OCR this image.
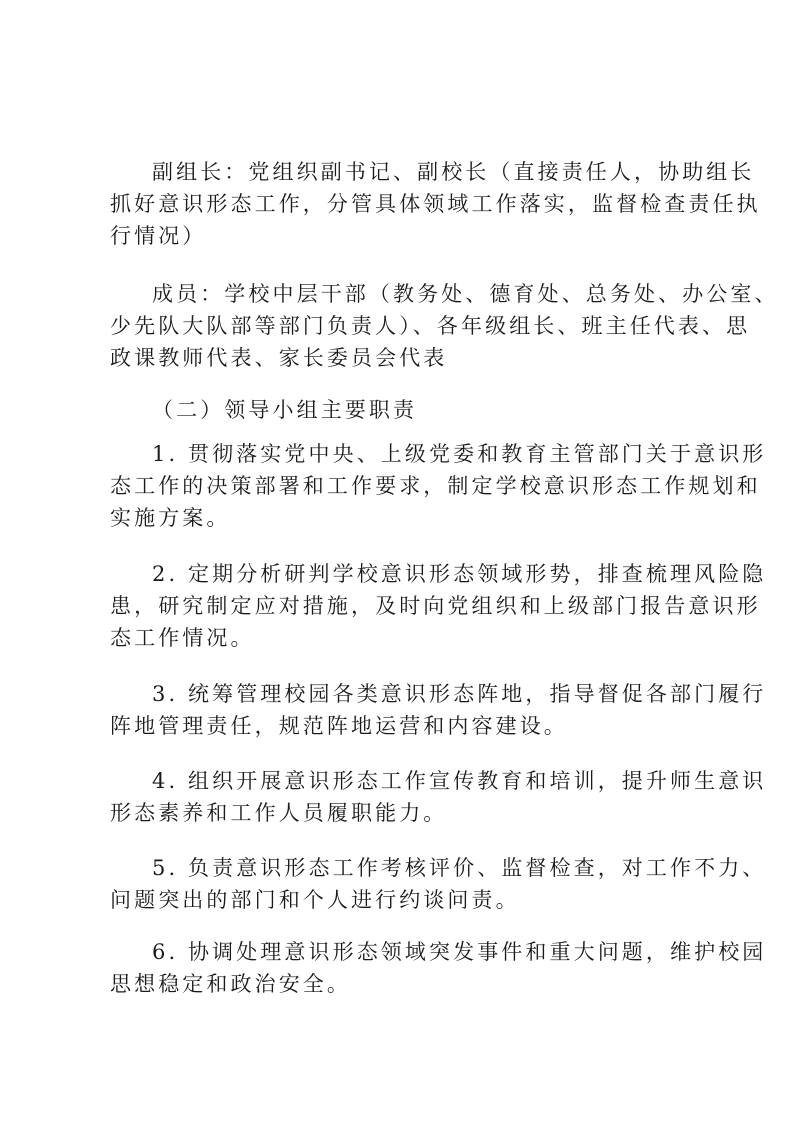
副组长：党组织副书记、副校长（直接责任人，协助组长
抓好意识形态工作，分管具体领域工作落实，监督检查责任执
行情况）
成员：学校中层干部（教务处、德育处、总务处、办公室、
少先队大队部等部门负责人）、各年级组长、班主任代表、思
政课教师代表、家长委员会代表
（二）领导小组主要职责
1. 贯彻落实党中央、上级党委和教育主管部门关于意识形
态工作的决策部署和工作要求，制定学校意识形态工作规划和
实施方案。
2. 定期分析研判学校意识形态领域形势，排查梳理风险隐
患，研究制定应对措施，及时向党组织和上级部门报告意识形
态工作情况。
3. 统筹管理校园各类意识形态阵地，指导督促各部门履行
阵地管理责任，规范阵地运营和内容建设。
4. 组织开展意识形态工作宣传教育和培训，提升师生意识
形态素养和工作人员履职能力。
5. 负责意识形态工作考核评价、监督检查，对工作不力、
问题突出的部门和个人进行约谈问责。
6. 协调处理意识形态领域突发事件和重大问题，维护校园
思想稳定和政治安全。
